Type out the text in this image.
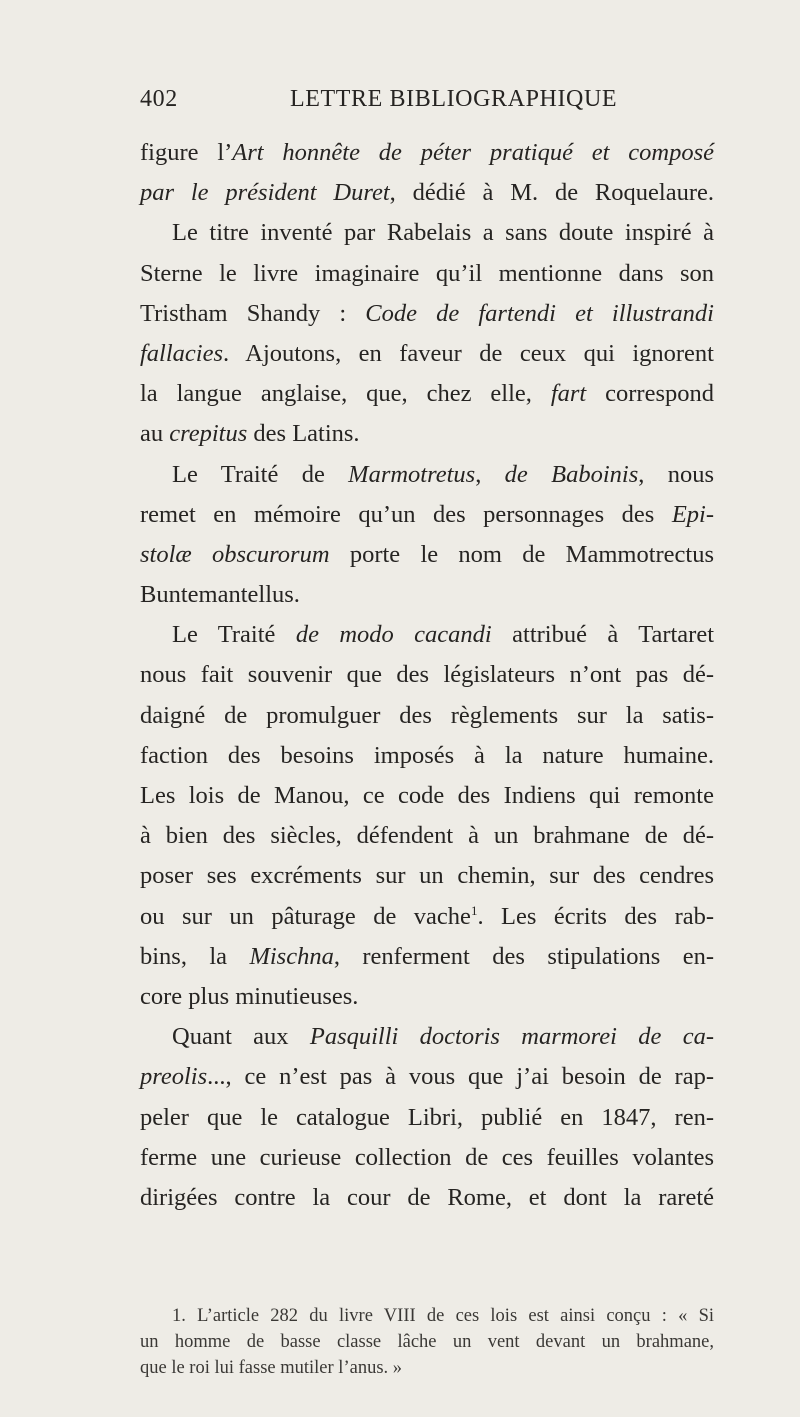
402	LETTRE BIBLIOGRAPHIQUE
figure l’Art honnête de péter pratiqué et composé
par le président Duret, dédié à M. de Roquelaure.
Le titre inventé par Rabelais a sans doute inspiré à
Sterne le livre imaginaire qu’il mentionne dans son
Tristham Shandy : Code de fartendi et illustrandi
fallacies. Ajoutons, en faveur de ceux qui ignorent
la langue anglaise, que, chez elle, fart correspond
au crepitus des Latins.
Le Traité de Marmotretus, de Baboinis, nous
remet en mémoire qu’un des personnages des Epi-
stolæ obscurorum porte le nom de Mammotrectus
Buntemantellus.
Le Traité de modo cacandi attribué à Tartaret
nous fait souvenir que des législateurs n’ont pas dé-
daigné de promulguer des règlements sur la satis-
faction des besoins imposés à la nature humaine.
Les lois de Manou, ce code des Indiens qui remonte
à bien des siècles, défendent à un brahmane de dé-
poser ses excréments sur un chemin, sur des cendres
ou sur un pâturage de vache$^1$. Les écrits des rab-
bins, la Mischna, renferment des stipulations en-
core plus minutieuses.
Quant aux Pasquilli doctoris marmorei de ca-
preolis..., ce n’est pas à vous que j’ai besoin de rap-
peler que le catalogue Libri, publié en 1847, ren-
ferme une curieuse collection de ces feuilles volantes
dirigées contre la cour de Rome, et dont la rareté
1. L’article 282 du livre VIII de ces lois est ainsi conçu : « Si
un homme de basse classe lâche un vent devant un brahmane,
que le roi lui fasse mutiler l’anus. »
